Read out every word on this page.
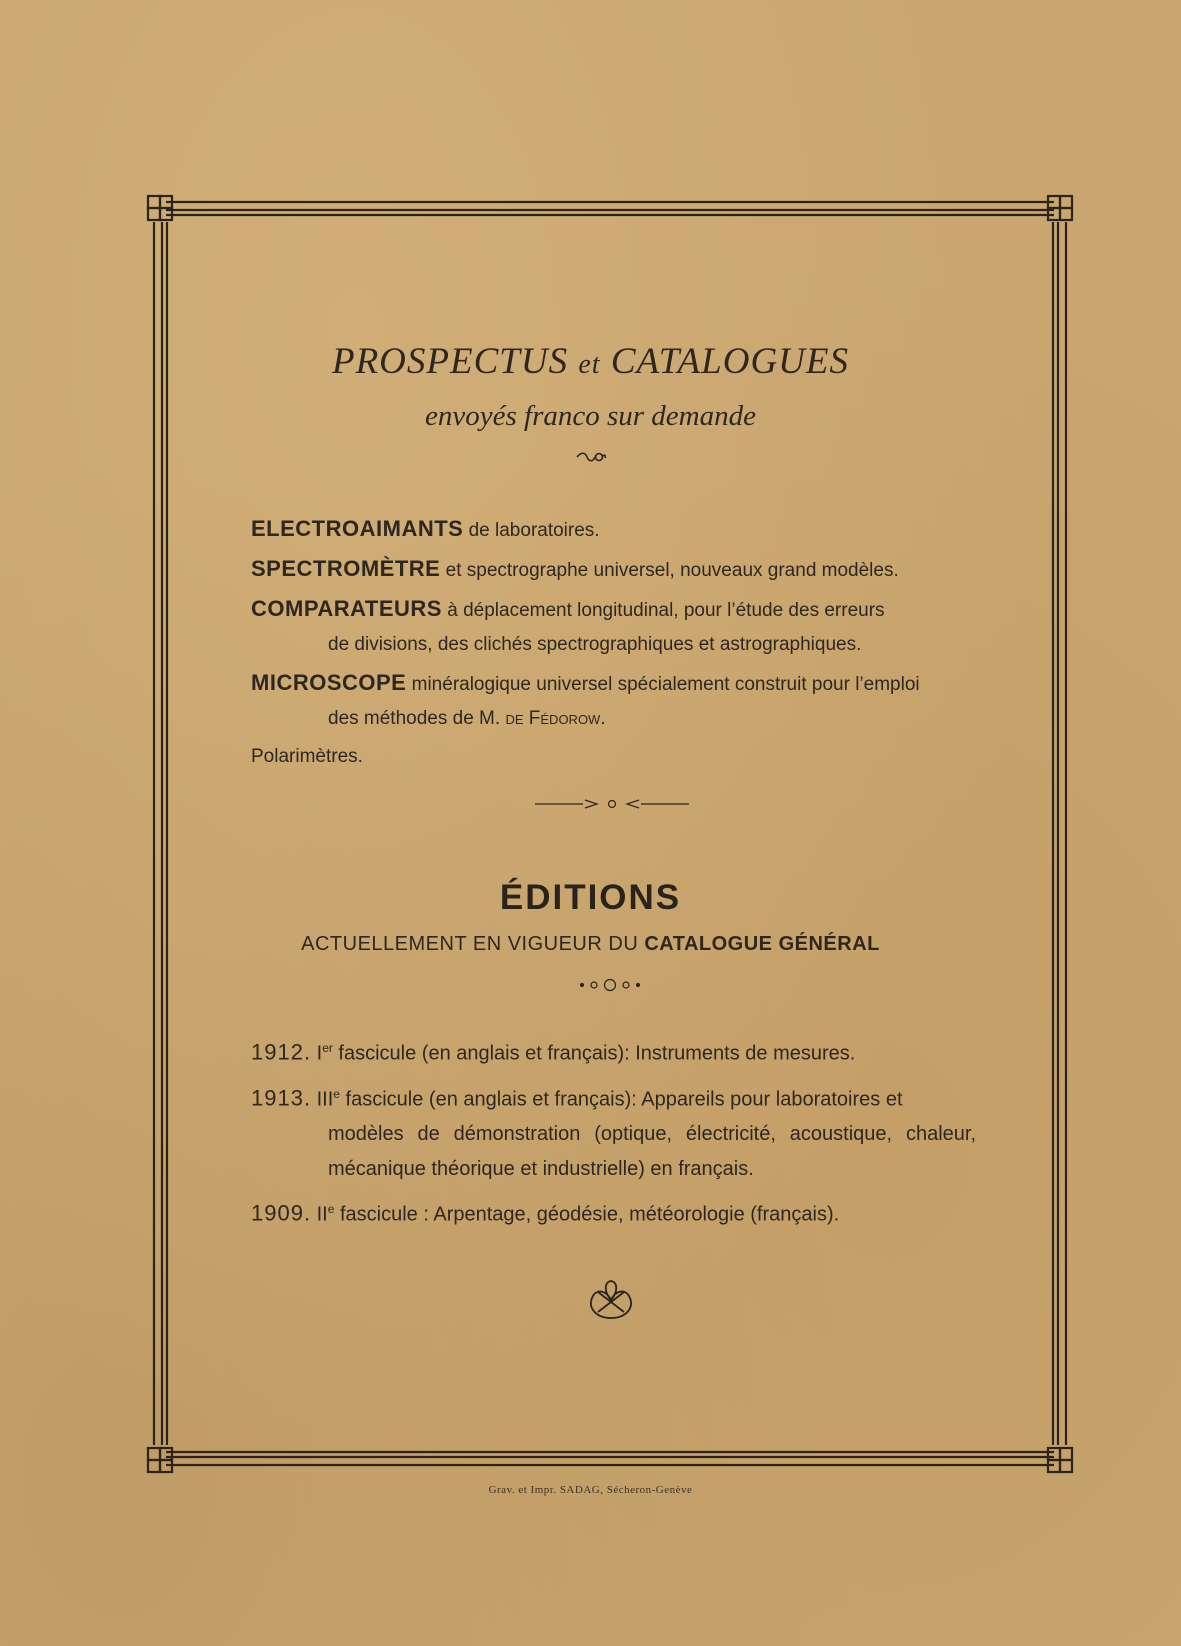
PROSPECTUS et CATALOGUES
envoyés franco sur demande
ELECTROAIMANTS de laboratoires.
SPECTROMÈTRE et spectrographe universel, nouveaux grand modèles.
COMPARATEURS à déplacement longitudinal, pour l’étude des erreurs
de divisions, des clichés spectrographiques et astrographiques.
MICROSCOPE minéralogique universel spécialement construit pour l’emploi
des méthodes de M. de Fédorow.
Polarimètres.
ÉDITIONS
ACTUELLEMENT EN VIGUEUR DU CATALOGUE GÉNÉRAL
1912. Ier fascicule (en anglais et français): Instruments de mesures.
1913. IIIe fascicule (en anglais et français): Appareils pour laboratoires et
modèles de démonstration (optique, électricité, acoustique, chaleur, mécanique théorique et industrielle) en français.
1909. IIe fascicule : Arpentage, géodésie, météorologie (français).
Grav. et Impr. SADAG, Sécheron-Genève
